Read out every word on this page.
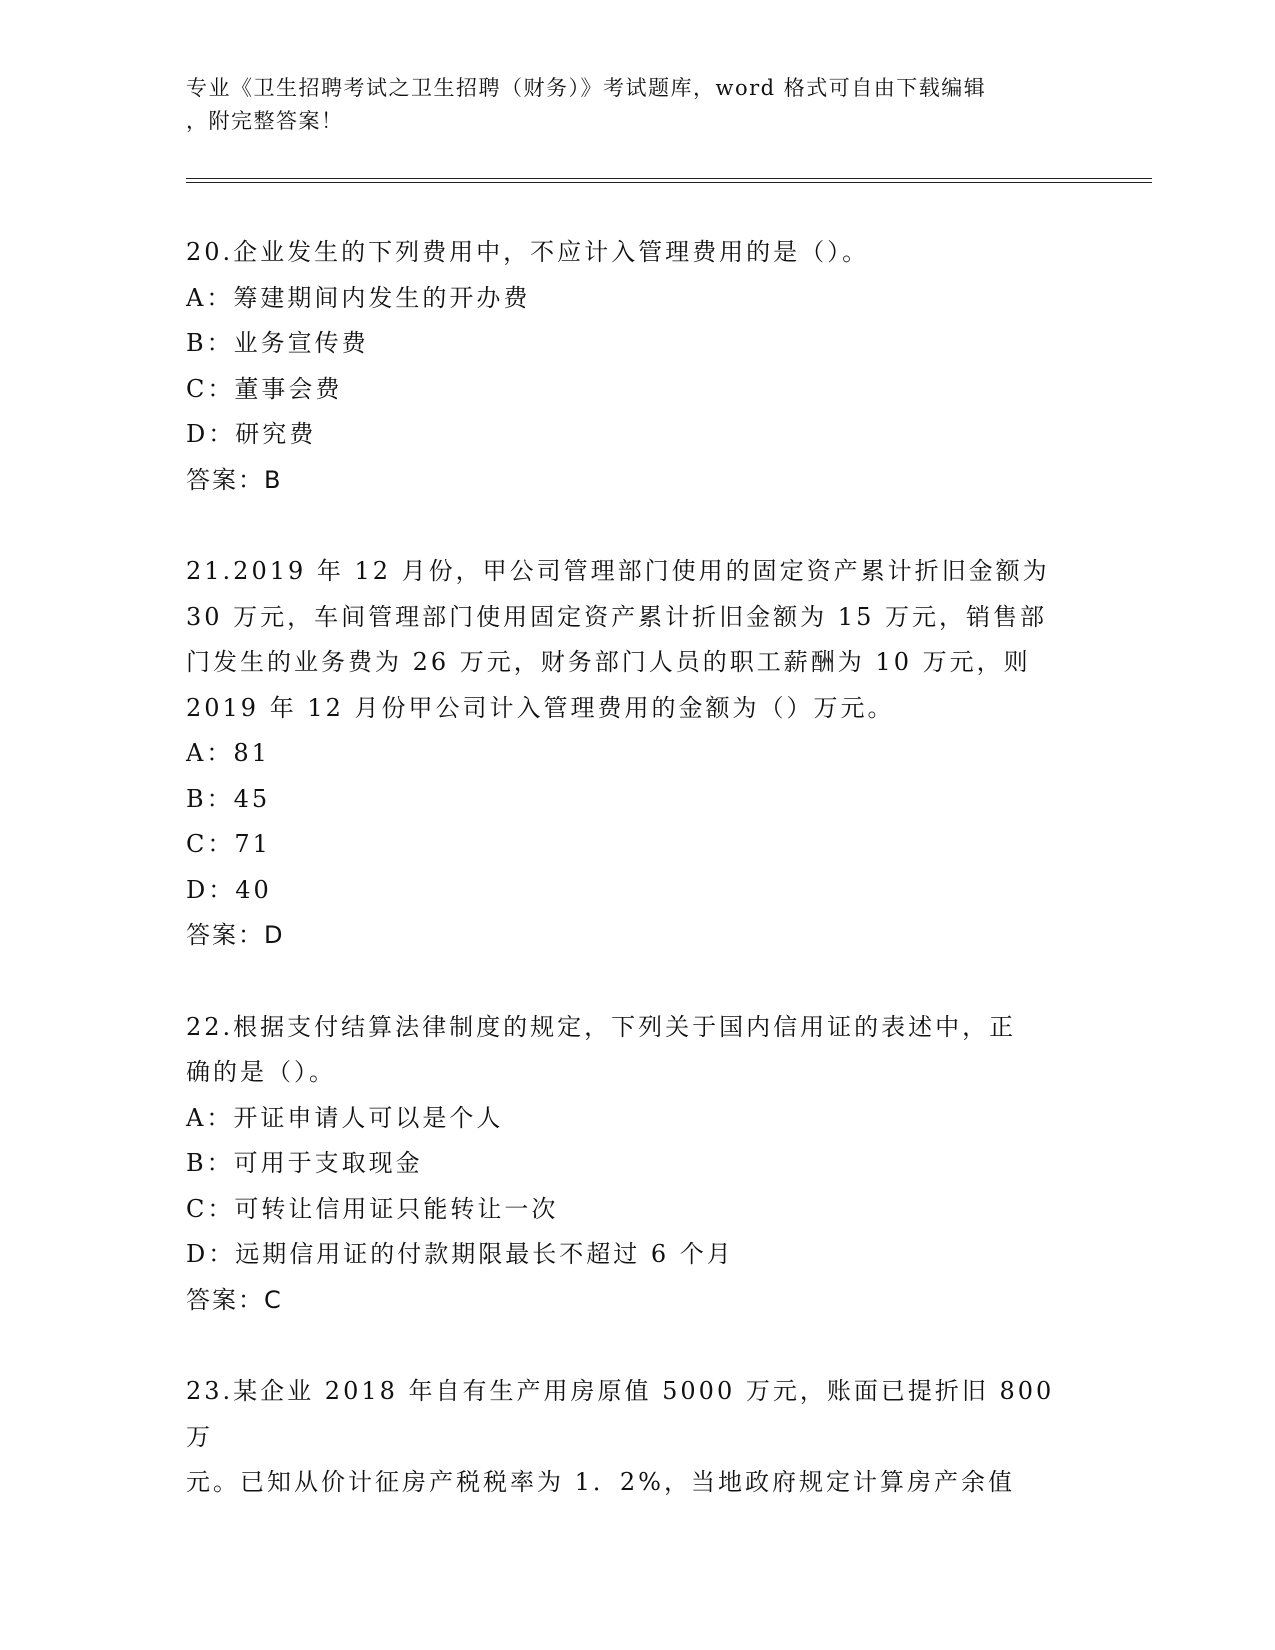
专业《卫生招聘考试之卫生招聘（财务）》考试题库，word 格式可自由下载编辑
，附完整答案！
20.企业发生的下列费用中，不应计入管理费用的是（）。
A：筹建期间内发生的开办费
B：业务宣传费
C：董事会费
D：研究费
答案：B
21.2019 年 12 月份，甲公司管理部门使用的固定资产累计折旧金额为
30 万元，车间管理部门使用固定资产累计折旧金额为 15 万元，销售部
门发生的业务费为 26 万元，财务部门人员的职工薪酬为 10 万元，则
2019 年 12 月份甲公司计入管理费用的金额为（）万元。
A：81
B：45
C：71
D：40
答案：D
22.根据支付结算法律制度的规定，下列关于国内信用证的表述中，正
确的是（）。
A：开证申请人可以是个人
B：可用于支取现金
C：可转让信用证只能转让一次
D：远期信用证的付款期限最长不超过 6 个月
答案：C
23.某企业 2018 年自有生产用房原值 5000 万元，账面已提折旧 800 万
元。已知从价计征房产税税率为 1．2%，当地政府规定计算房产余值
